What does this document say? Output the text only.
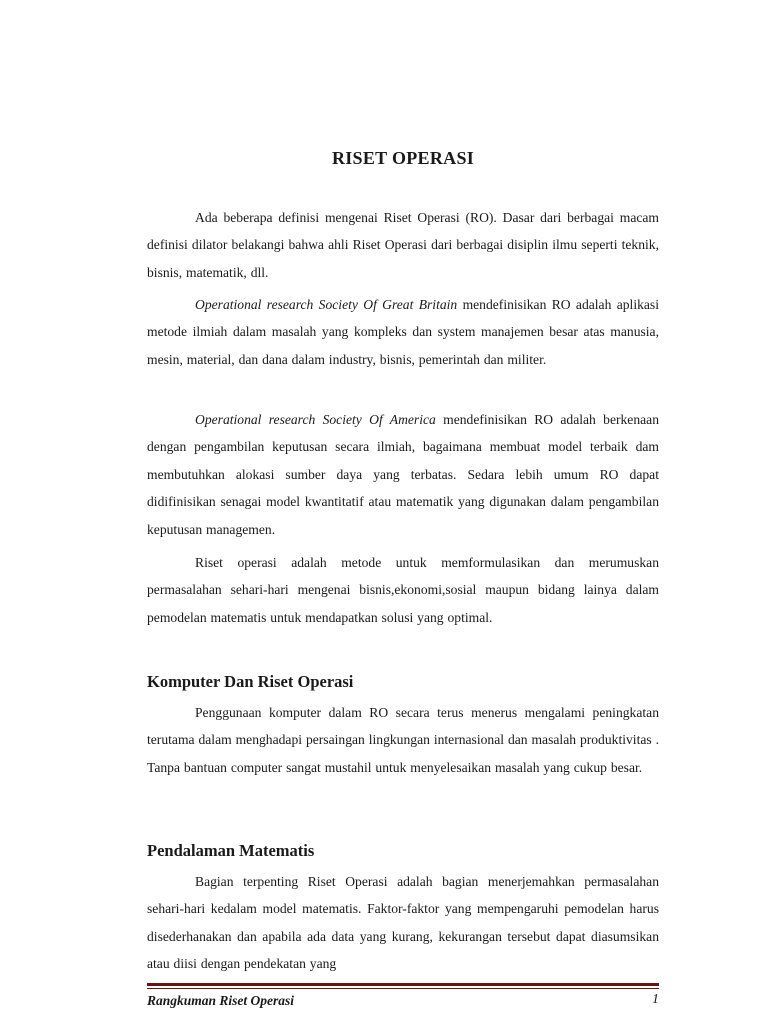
RISET OPERASI

Ada beberapa definisi mengenai Riset Operasi (RO). Dasar dari berbagai macam definisi dilator belakangi bahwa ahli Riset Operasi dari berbagai disiplin ilmu seperti teknik, bisnis, matematik, dll.

Operational research Society Of Great Britain mendefinisikan RO adalah aplikasi metode ilmiah dalam masalah yang kompleks dan system manajemen besar atas manusia, mesin, material, dan dana dalam industry, bisnis, pemerintah dan militer.

Operational research Society Of America mendefinisikan RO adalah berkenaan dengan pengambilan keputusan secara ilmiah, bagaimana membuat model terbaik dam membutuhkan alokasi sumber daya yang terbatas. Sedara lebih umum RO dapat didifinisikan senagai model kwantitatif atau matematik yang digunakan dalam pengambilan keputusan managemen.

Riset operasi adalah metode untuk memformulasikan dan merumuskan permasalahan sehari-hari mengenai bisnis,ekonomi,sosial maupun bidang lainya dalam pemodelan matematis untuk mendapatkan solusi yang optimal.

Komputer Dan Riset Operasi

Penggunaan komputer dalam RO secara terus menerus mengalami peningkatan terutama dalam menghadapi persaingan lingkungan internasional dan masalah produktivitas . Tanpa bantuan computer sangat mustahil untuk menyelesaikan masalah yang cukup besar.

Pendalaman Matematis

Bagian terpenting Riset Operasi adalah bagian menerjemahkan permasalahan sehari-hari kedalam model matematis. Faktor-faktor yang mempengaruhi pemodelan harus disederhanakan dan apabila ada data yang kurang, kekurangan tersebut dapat diasumsikan atau diisi dengan pendekatan yang

Rangkuman Riset Operasi	1
